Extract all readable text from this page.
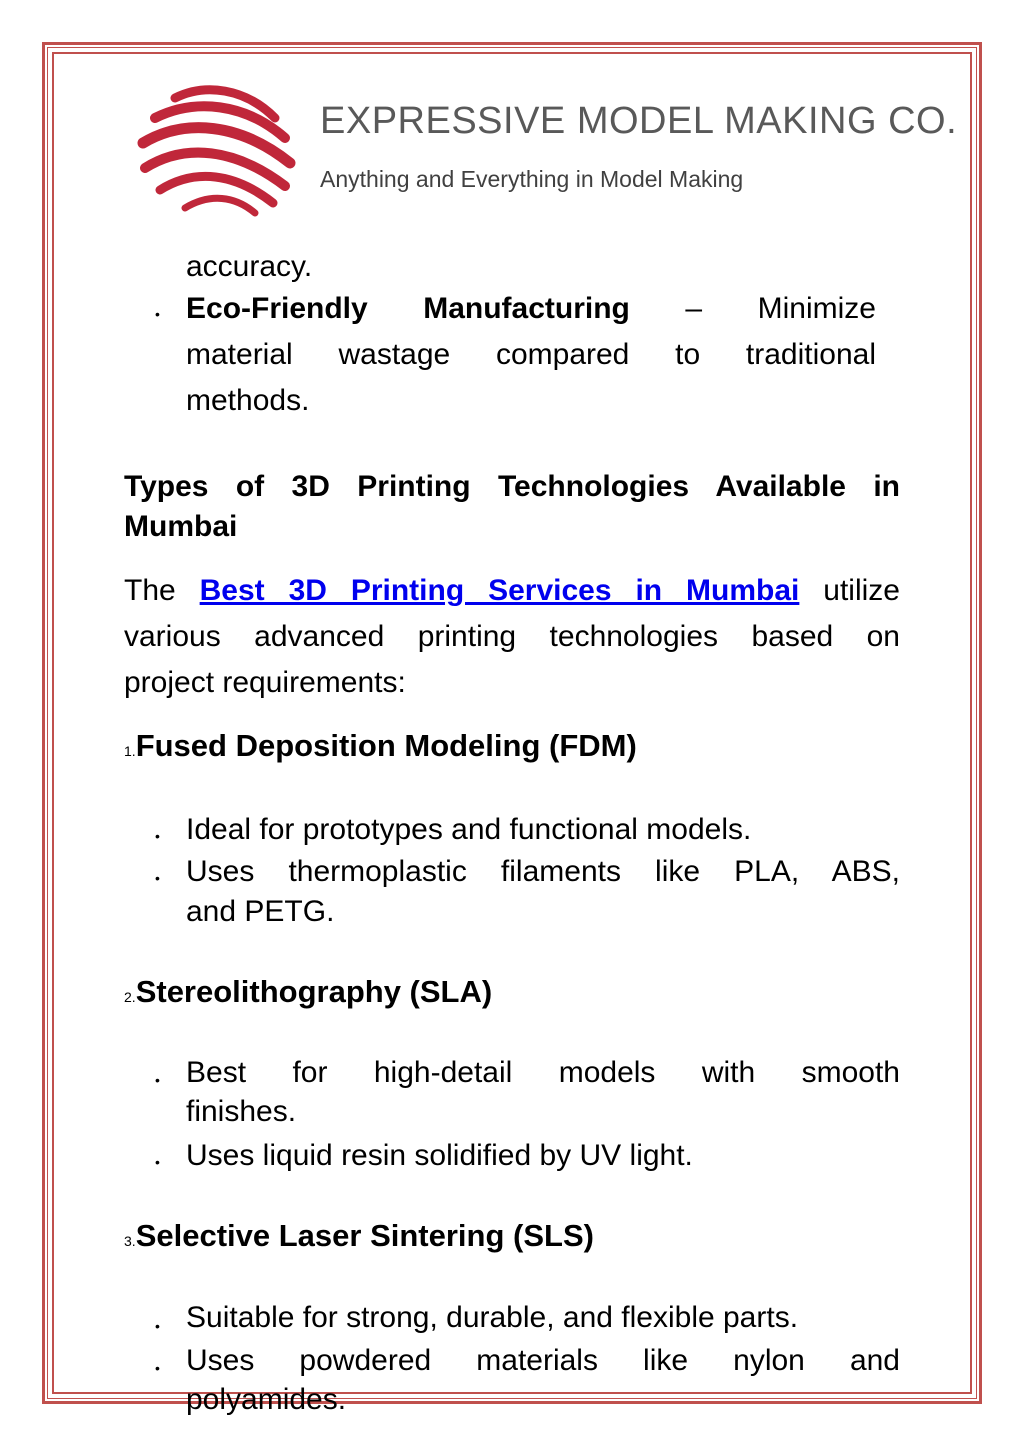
EXPRESSIVE MODEL MAKING CO.
Anything and Everything in Model Making
accuracy.
• Eco-Friendly Manufacturing – Minimize
material wastage compared to traditional
methods.
Types of 3D Printing Technologies Available in
Mumbai
The Best 3D Printing Services in Mumbai utilize
various advanced printing technologies based on
project requirements:
1.Fused Deposition Modeling (FDM)
• Ideal for prototypes and functional models.
• Uses thermoplastic filaments like PLA, ABS,
and PETG.
2.Stereolithography (SLA)
• Best for high-detail models with smooth
finishes.
• Uses liquid resin solidified by UV light.
3.Selective Laser Sintering (SLS)
• Suitable for strong, durable, and flexible parts.
• Uses powdered materials like nylon and
polyamides.
